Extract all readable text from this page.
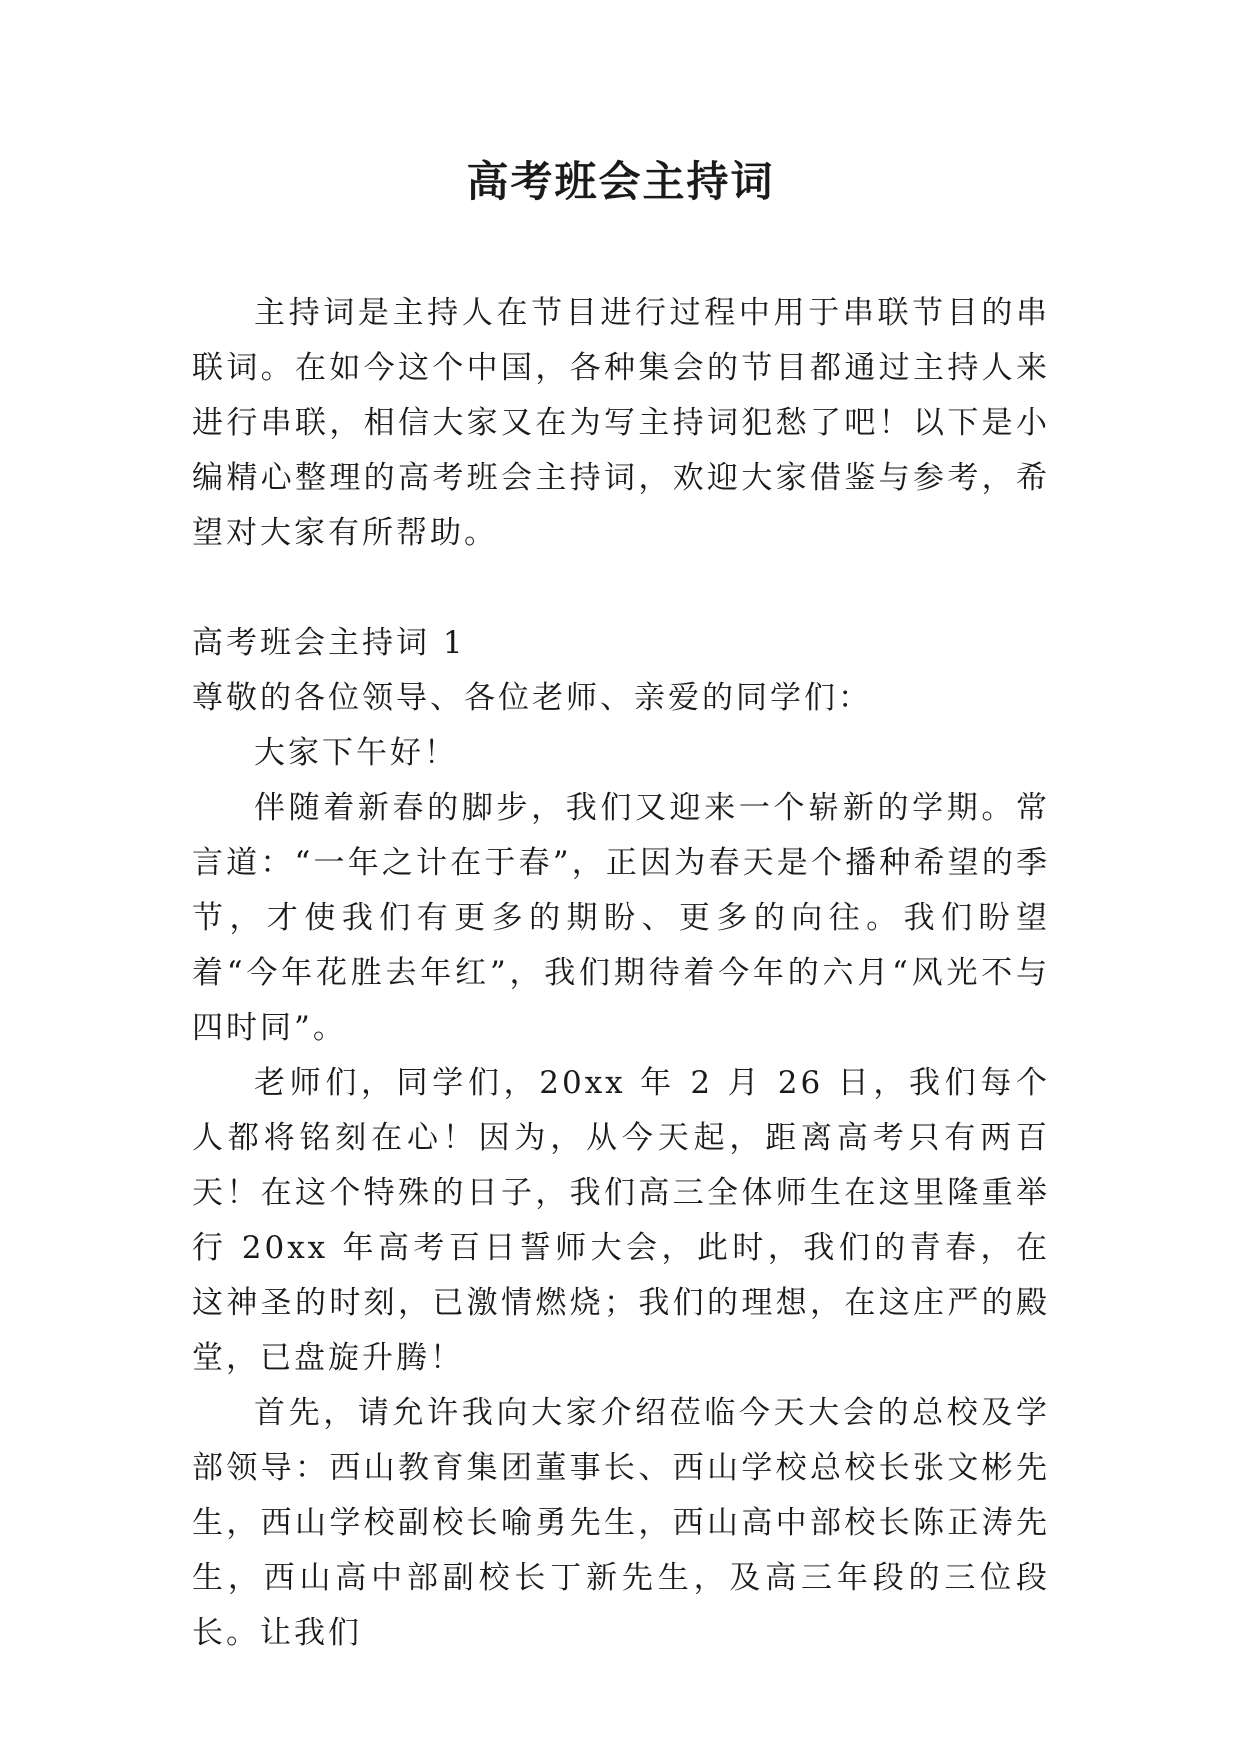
高考班会主持词

主持词是主持人在节目进行过程中用于串联节目的串联词。在如今这个中国，各种集会的节目都通过主持人来进行串联，相信大家又在为写主持词犯愁了吧！以下是小编精心整理的高考班会主持词，欢迎大家借鉴与参考，希望对大家有所帮助。

高考班会主持词 1

尊敬的各位领导、各位老师、亲爱的同学们：

大家下午好！

伴随着新春的脚步，我们又迎来一个崭新的学期。常言道：“一年之计在于春”，正因为春天是个播种希望的季节，才使我们有更多的期盼、更多的向往。我们盼望着“今年花胜去年红”，我们期待着今年的六月“风光不与四时同”。

老师们，同学们，20xx 年 2 月 26 日，我们每个人都将铭刻在心！因为，从今天起，距离高考只有两百天！在这个特殊的日子，我们高三全体师生在这里隆重举行 20xx 年高考百日誓师大会，此时，我们的青春，在这神圣的时刻，已激情燃烧；我们的理想，在这庄严的殿堂，已盘旋升腾！

首先，请允许我向大家介绍莅临今天大会的总校及学部领导：西山教育集团董事长、西山学校总校长张文彬先生，西山学校副校长喻勇先生，西山高中部校长陈正涛先生，西山高中部副校长丁新先生，及高三年段的三位段长。让我们
